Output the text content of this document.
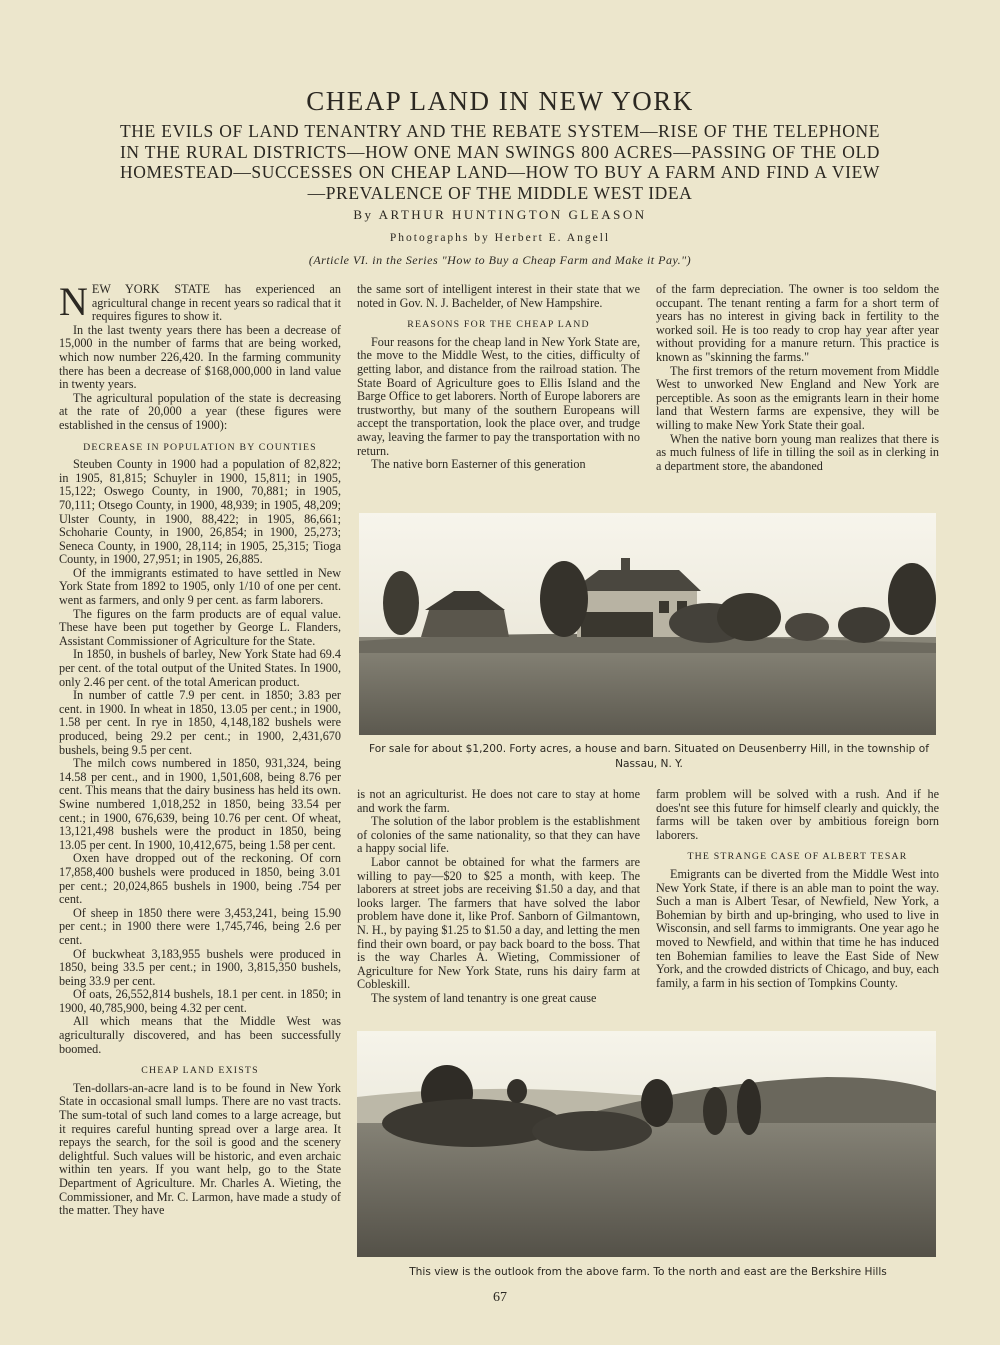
CHEAP LAND IN NEW YORK
THE EVILS OF LAND TENANTRY AND THE REBATE SYSTEM—RISE OF THE TELEPHONE IN THE RURAL DISTRICTS—HOW ONE MAN SWINGS 800 ACRES—PASSING OF THE OLD HOMESTEAD—SUCCESSES ON CHEAP LAND—HOW TO BUY A FARM AND FIND A VIEW—PREVALENCE OF THE MIDDLE WEST IDEA
By ARTHUR HUNTINGTON GLEASON
Photographs by Herbert E. Angell
(Article VI. in the Series "How to Buy a Cheap Farm and Make it Pay.")

NEW YORK STATE has experienced an agricultural change in recent years so radical that it requires figures to show it.

In the last twenty years there has been a decrease of 15,000 in the number of farms that are being worked, which now number 226,420. In the farming community there has been a decrease of $168,000,000 in land value in twenty years.

The agricultural population of the state is decreasing at the rate of 20,000 a year (these figures were established in the census of 1900):

DECREASE IN POPULATION BY COUNTIES

Steuben County in 1900 had a population of 82,822; in 1905, 81,815; Schuyler in 1900, 15,811; in 1905, 15,122; Oswego County, in 1900, 70,881; in 1905, 70,111; Otsego County, in 1900, 48,939; in 1905, 48,209; Ulster County, in 1900, 88,422; in 1905, 86,661; Schoharie County, in 1900, 26,854; in 1900, 25,273; Seneca County, in 1900, 28,114; in 1905, 25,315; Tioga County, in 1900, 27,951; in 1905, 26,885.

Of the immigrants estimated to have settled in New York State from 1892 to 1905, only 1/10 of one per cent. went as farmers, and only 9 per cent. as farm laborers.

The figures on the farm products are of equal value. These have been put together by George L. Flanders, Assistant Commissioner of Agriculture for the State.

In 1850, in bushels of barley, New York State had 69.4 per cent. of the total output of the United States. In 1900, only 2.46 per cent. of the total American product.

In number of cattle 7.9 per cent. in 1850; 3.83 per cent. in 1900. In wheat in 1850, 13.05 per cent.; in 1900, 1.58 per cent. In rye in 1850, 4,148,182 bushels were produced, being 29.2 per cent.; in 1900, 2,431,670 bushels, being 9.5 per cent.

The milch cows numbered in 1850, 931,324, being 14.58 per cent., and in 1900, 1,501,608, being 8.76 per cent. This means that the dairy business has held its own. Swine numbered 1,018,252 in 1850, being 33.54 per cent.; in 1900, 676,639, being 10.76 per cent. Of wheat, 13,121,498 bushels were the product in 1850, being 13.05 per cent. In 1900, 10,412,675, being 1.58 per cent.

Oxen have dropped out of the reckoning. Of corn 17,858,400 bushels were produced in 1850, being 3.01 per cent.; 20,024,865 bushels in 1900, being .754 per cent.

Of sheep in 1850 there were 3,453,241, being 15.90 per cent.; in 1900 there were 1,745,746, being 2.6 per cent.

Of buckwheat 3,183,955 bushels were produced in 1850, being 33.5 per cent.; in 1900, 3,815,350 bushels, being 33.9 per cent.

Of oats, 26,552,814 bushels, 18.1 per cent. in 1850; in 1900, 40,785,900, being 4.32 per cent.

All which means that the Middle West was agriculturally discovered, and has been successfully boomed.

CHEAP LAND EXISTS

Ten-dollars-an-acre land is to be found in New York State in occasional small lumps. There are no vast tracts. The sum-total of such land comes to a large acreage, but it requires careful hunting spread over a large area. It repays the search, for the soil is good and the scenery delightful. Such values will be historic, and even archaic within ten years. If you want help, go to the State Department of Agriculture. Mr. Charles A. Wieting, the Commissioner, and Mr. C. Larmon, have made a study of the matter. They have

the same sort of intelligent interest in their state that we noted in Gov. N. J. Bachelder, of New Hampshire.

REASONS FOR THE CHEAP LAND

Four reasons for the cheap land in New York State are, the move to the Middle West, to the cities, difficulty of getting labor, and distance from the railroad station. The State Board of Agriculture goes to Ellis Island and the Barge Office to get laborers. North of Europe laborers are trustworthy, but many of the southern Europeans will accept the transportation, look the place over, and trudge away, leaving the farmer to pay the transportation with no return.

The native born Easterner of this generation

of the farm depreciation. The owner is too seldom the occupant. The tenant renting a farm for a short term of years has no interest in giving back in fertility to the worked soil. He is too ready to crop hay year after year without providing for a manure return. This practice is known as "skinning the farms."

The first tremors of the return movement from Middle West to unworked New England and New York are perceptible. As soon as the emigrants learn in their home land that Western farms are expensive, they will be willing to make New York State their goal.

When the native born young man realizes that there is as much fulness of life in tilling the soil as in clerking in a department store, the abandoned

For sale for about $1,200. Forty acres, a house and barn. Situated on Deusenberry Hill, in the township of Nassau, N. Y.

is not an agriculturist. He does not care to stay at home and work the farm.

The solution of the labor problem is the establishment of colonies of the same nationality, so that they can have a happy social life.

Labor cannot be obtained for what the farmers are willing to pay—$20 to $25 a month, with keep. The laborers at street jobs are receiving $1.50 a day, and that looks larger. The farmers that have solved the labor problem have done it, like Prof. Sanborn of Gilmantown, N. H., by paying $1.25 to $1.50 a day, and letting the men find their own board, or pay back board to the boss. That is the way Charles A. Wieting, Commissioner of Agriculture for New York State, runs his dairy farm at Cobleskill.

The system of land tenantry is one great cause

farm problem will be solved with a rush. And if he does'nt see this future for himself clearly and quickly, the farms will be taken over by ambitious foreign born laborers.

THE STRANGE CASE OF ALBERT TESAR

Emigrants can be diverted from the Middle West into New York State, if there is an able man to point the way. Such a man is Albert Tesar, of Newfield, New York, a Bohemian by birth and up-bringing, who used to live in Wisconsin, and sell farms to immigrants. One year ago he moved to Newfield, and within that time he has induced ten Bohemian families to leave the East Side of New York, and the crowded districts of Chicago, and buy, each family, a farm in his section of Tompkins County.

This view is the outlook from the above farm. To the north and east are the Berkshire Hills
67
